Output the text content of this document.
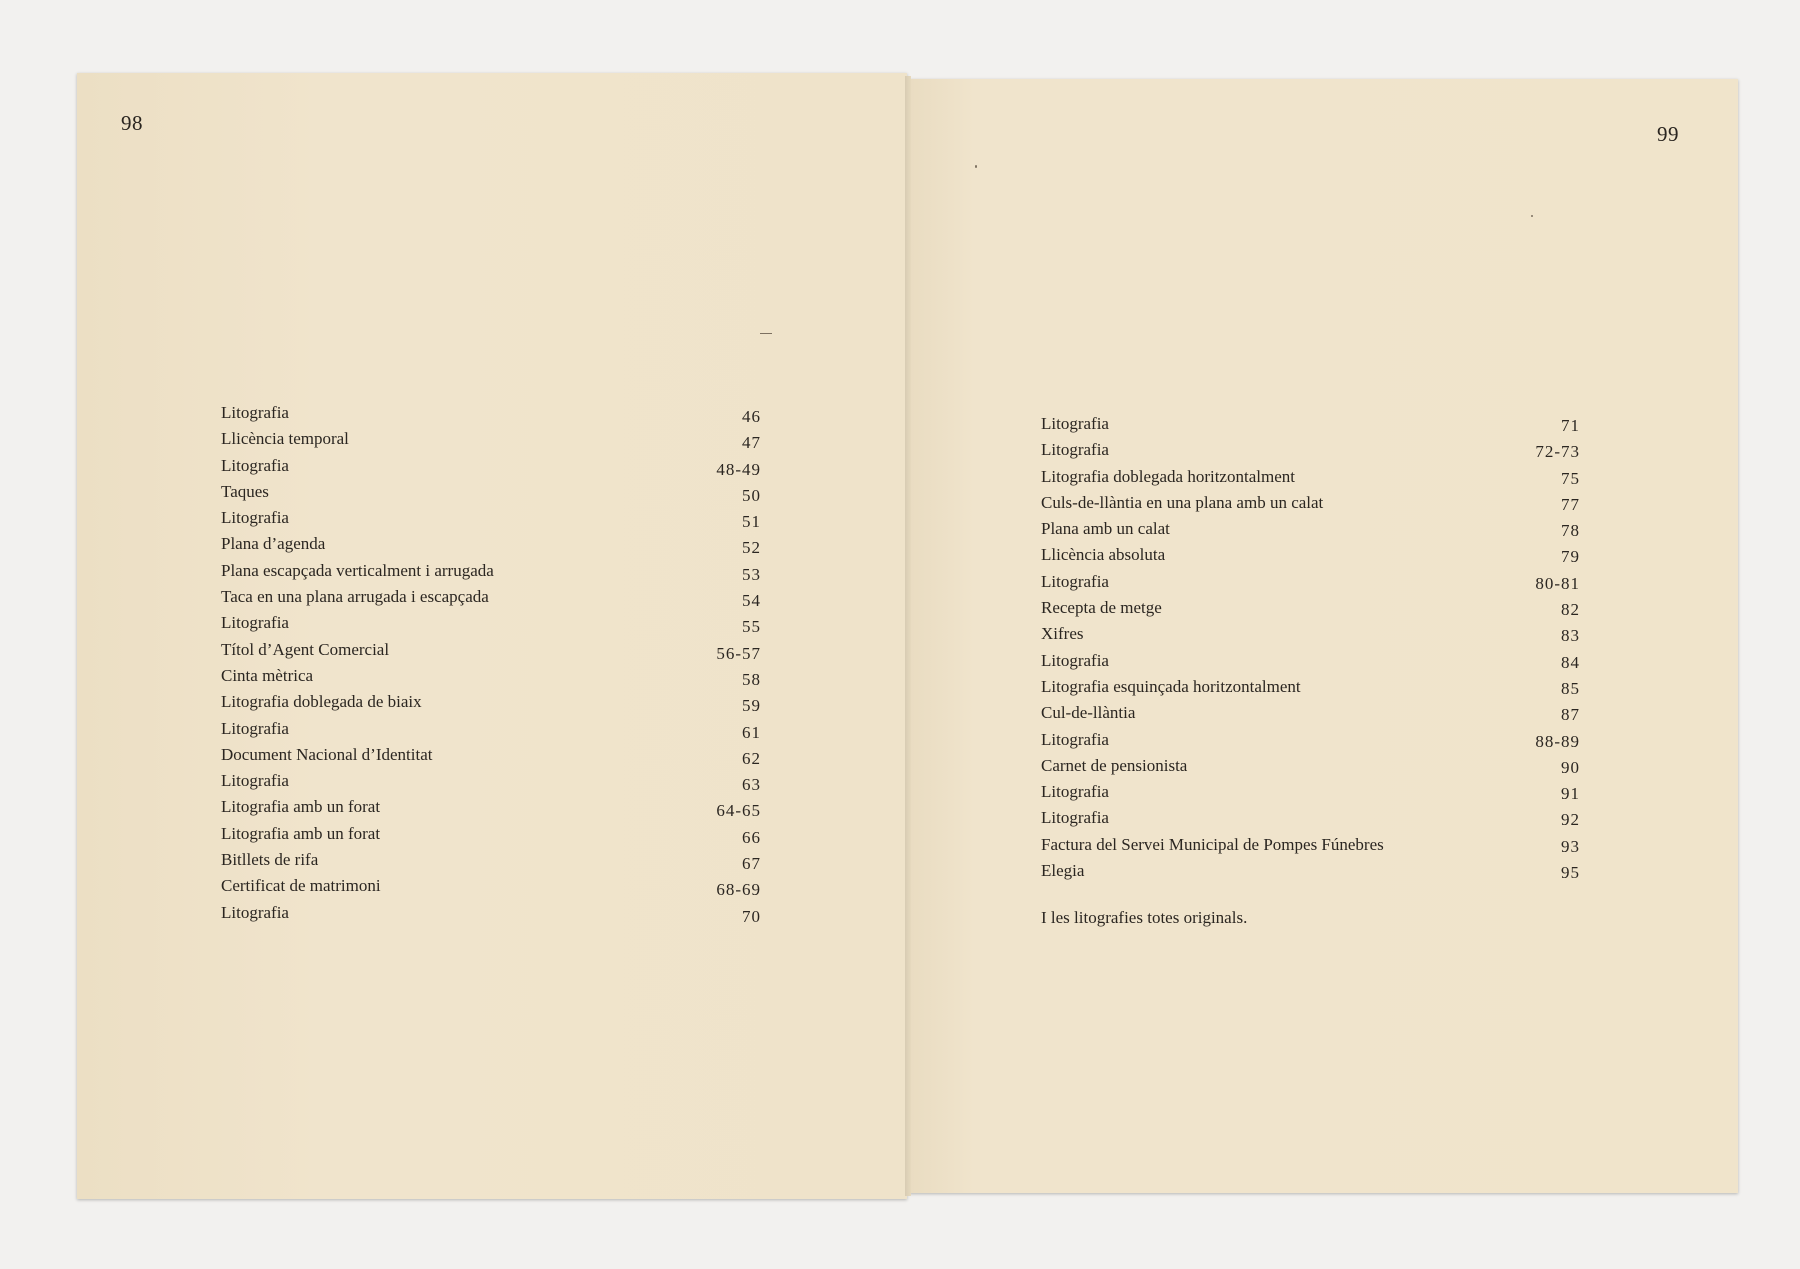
98	99
Litografia	46
Llicència temporal	47
Litografia	48-49
Taques	50
Litografia	51
Plana d’agenda	52
Plana escapçada verticalment i arrugada	53
Taca en una plana arrugada i escapçada	54
Litografia	55
Títol d’Agent Comercial	56-57
Cinta mètrica	58
Litografia doblegada de biaix	59
Litografia	61
Document Nacional d’Identitat	62
Litografia	63
Litografia amb un forat	64-65
Litografia amb un forat	66
Bitllets de rifa	67
Certificat de matrimoni	68-69
Litografia	70
Litografia	71
Litografia	72-73
Litografia doblegada horitzontalment	75
Culs-de-llàntia en una plana amb un calat	77
Plana amb un calat	78
Llicència absoluta	79
Litografia	80-81
Recepta de metge	82
Xifres	83
Litografia	84
Litografia esquinçada horitzontalment	85
Cul-de-llàntia	87
Litografia	88-89
Carnet de pensionista	90
Litografia	91
Litografia	92
Factura del Servei Municipal de Pompes Fúnebres	93
Elegia	95
I les litografies totes originals.
